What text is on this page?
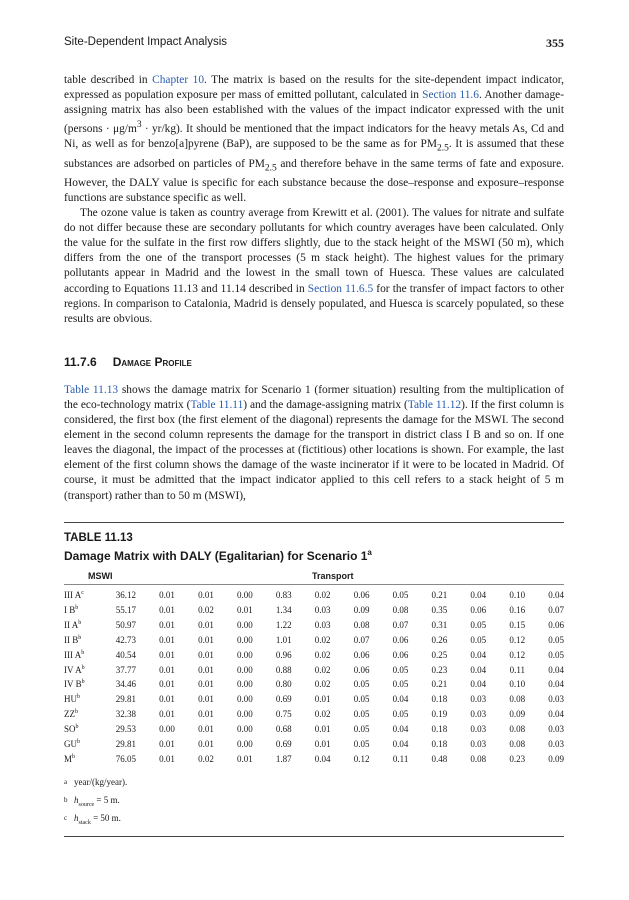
Site-Dependent Impact Analysis	355

table described in Chapter 10. The matrix is based on the results for the site-dependent impact indicator, expressed as population exposure per mass of emitted pollutant, calculated in Section 11.6. Another damage-assigning matrix has also been established with the values of the impact indicator expressed with the unit (persons · $\mu g/m^3 \cdot yr/kg$). It should be mentioned that the impact indicators for the heavy metals As, Cd and Ni, as well as for benzo[a]pyrene (BaP), are supposed to be the same as for $PM_{2.5}$. It is assumed that these substances are adsorbed on particles of $PM_{2.5}$ and therefore behave in the same terms of fate and exposure. However, the DALY value is specific for each substance because the dose–response and exposure–response functions are substance specific as well.

The ozone value is taken as country average from Krewitt et al. (2001). The values for nitrate and sulfate do not differ because these are secondary pollutants for which country averages have been calculated. Only the value for the sulfate in the first row differs slightly, due to the stack height of the MSWI (50 m), which differs from the one of the transport processes (5 m stack height). The highest values for the primary pollutants appear in Madrid and the lowest in the small town of Huesca. These values are calculated according to Equations 11.13 and 11.14 described in Section 11.6.5 for the transfer of impact factors to other regions. In comparison to Catalonia, Madrid is densely populated, and Huesca is scarcely populated, so these results are obvious.

11.7.6 Damage Profile

Table 11.13 shows the damage matrix for Scenario 1 (former situation) resulting from the multiplication of the eco-technology matrix (Table 11.11) and the damage-assigning matrix (Table 11.12). If the first column is considered, the first box (the first element of the diagonal) represents the damage for the MSWI. The second element in the second column represents the damage for the transport in district class I B and so on. If one leaves the diagonal, the impact of the processes at (fictitious) other locations is shown. For example, the last element of the first column shows the damage of the waste incinerator if it were to be located in Madrid. Of course, it must be admitted that the impact indicator applied to this cell refers to a stack height of 5 m (transport) rather than to 50 m (MSWI),

TABLE 11.13
Damage Matrix with DALY (Egalitarian) for Scenario 1$^a$
MSWI	Transport
III $A^c$	36.12	0.01	0.01	0.00	0.83	0.02	0.06	0.05	0.21	0.04	0.10	0.04
I $B^b$	55.17	0.01	0.02	0.01	1.34	0.03	0.09	0.08	0.35	0.06	0.16	0.07
II $A^b$	50.97	0.01	0.01	0.00	1.22	0.03	0.08	0.07	0.31	0.05	0.15	0.06
II $B^b$	42.73	0.01	0.01	0.00	1.01	0.02	0.07	0.06	0.26	0.05	0.12	0.05
III $A^b$	40.54	0.01	0.01	0.00	0.96	0.02	0.06	0.06	0.25	0.04	0.12	0.05
IV $A^b$	37.77	0.01	0.01	0.00	0.88	0.02	0.06	0.05	0.23	0.04	0.11	0.04
IV $B^b$	34.46	0.01	0.01	0.00	0.80	0.02	0.05	0.05	0.21	0.04	0.10	0.04
$HU^b$	29.81	0.01	0.01	0.00	0.69	0.01	0.05	0.04	0.18	0.03	0.08	0.03
$ZZ^b$	32.38	0.01	0.01	0.00	0.75	0.02	0.05	0.05	0.19	0.03	0.09	0.04
$SO^b$	29.53	0.00	0.01	0.00	0.68	0.01	0.05	0.04	0.18	0.03	0.08	0.03
$GU^b$	29.81	0.01	0.01	0.00	0.69	0.01	0.05	0.04	0.18	0.03	0.08	0.03
$M^b$	76.05	0.01	0.02	0.01	1.87	0.04	0.12	0.11	0.48	0.08	0.23	0.09
a year/(kg/year).
b $h_{source} = 5$ m.
c $h_{stack} = 50$ m.
